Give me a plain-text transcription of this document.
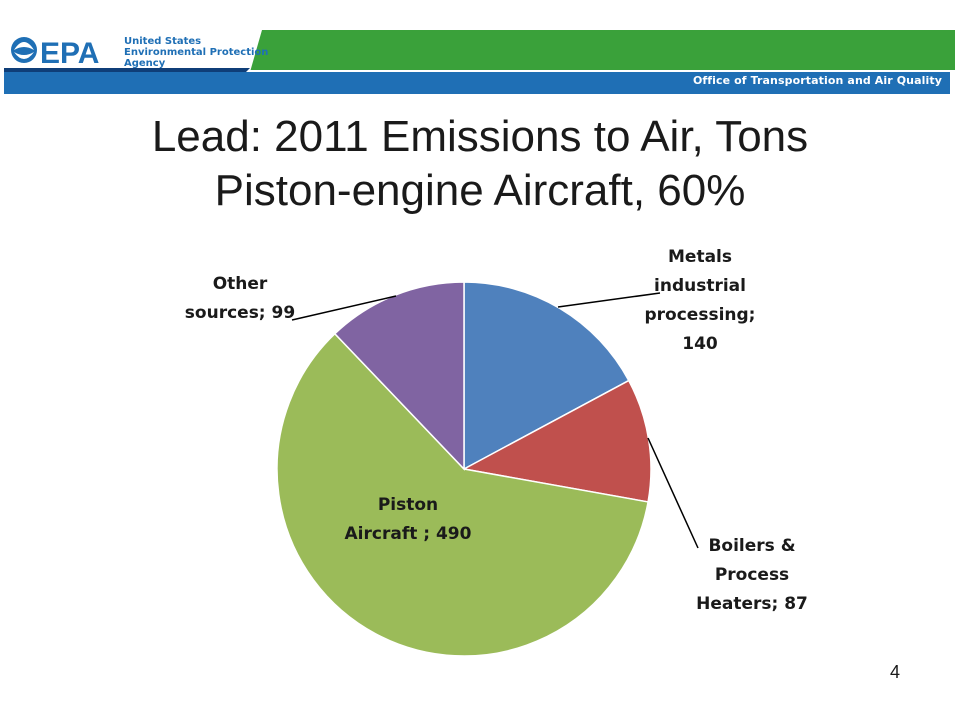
EPA United States
Environmental Protection
Agency
Office of Transportation and Air Quality
Lead: 2011 Emissions to Air, Tons
Piston-engine Aircraft, 60%
Metals industrial processing; 140
Boilers & Process Heaters; 87
Piston Aircraft ; 490
Other sources; 99
4
